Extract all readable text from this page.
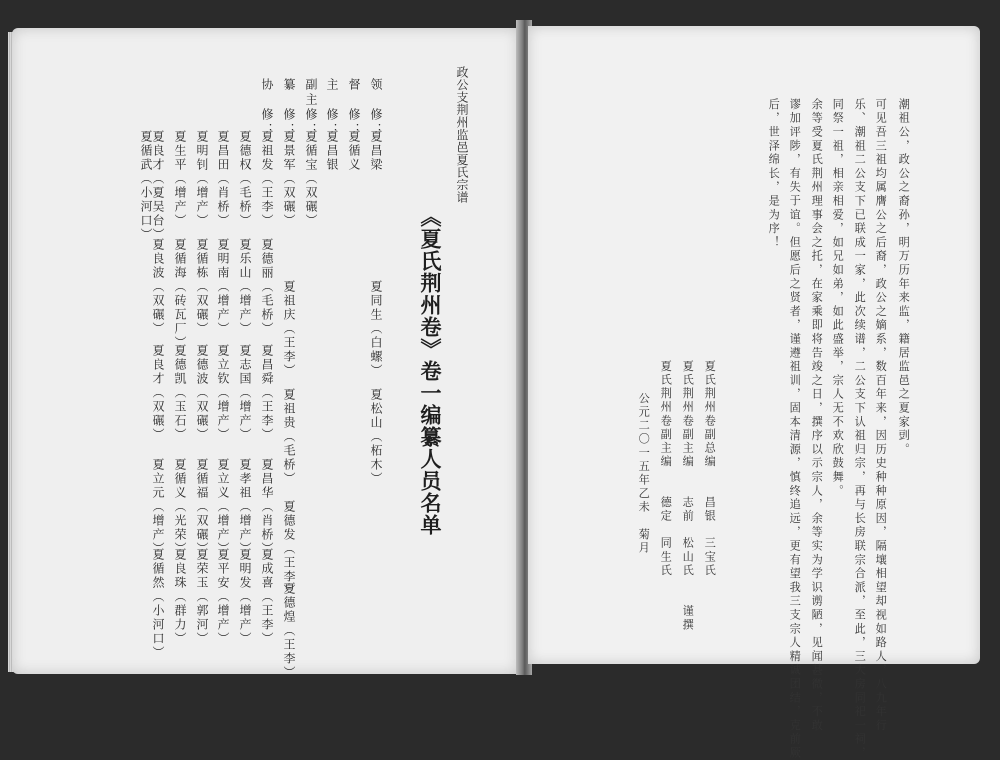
政公支荆州监邑夏氏宗谱
《夏氏荆州卷》卷一编纂人员名单
领　修：
夏昌梁
夏同生（白螺）
夏松山（柘木）
督　修：
夏循义
主　修：
夏昌银
副主修：
夏循宝（双碾）
纂　修：
夏景军（双碾）
夏祖庆（王李）
夏祖贵（毛桥）
夏德发（王李）
夏德煌（王李）
协　修：
夏祖发（王李）
夏德丽（毛桥）
夏昌舜（王李）
夏昌华（肖桥）
夏成喜（王李）
夏德权（毛桥）
夏乐山（增产）
夏志国（增产）
夏孝祖（增产）
夏明发（增产）
夏昌田（肖桥）
夏明南（增产）
夏立钦（增产）
夏立义（增产）
夏平安（增产）
夏明钊（增产）
夏循栋（双碾）
夏德波（双碾）
夏循福（双碾）
夏荣玉（郭河）
夏生平（增产）
夏循海（砖瓦厂）
夏德凯（玉石）
夏循义（光荣）
夏良珠（群力）
夏良才（夏吴台）
夏良波（双碾）
夏良才（双碾）
夏立元（增产）
夏循然（小河口）
夏循武（小河口）	潮祖公，政公之裔孙，明万历年来监，籍居监邑之夏家剅。
可见吾三祖均属膺公之后裔，政公之嫡系，数百年来，因历史种种原因，隔壤相望却视如路人，八九年行
乐、潮祖二公支下已联成一家，此次续谱，二公支下认祖归宗，再与长房联宗合派，至此，三大房同祀一祠，
同祭一祖，相亲相爱，如兄如弟，如此盛举，宗人无不欢欣鼓舞。
余等受夏氏荆州理事会之托，在家乘即将告竣之日，撰序以示宗人，余等实为学识谫陋，见闻甚微，不敢
谬加评陟，有失于谊。但愿后之贤者，谨遵祖训，固本清源，慎终追远，更有望我三支宗人精诚团结，克前厥
后，世泽绵长，是为序！
夏氏荆州卷副总编　　昌银　三宝氏
夏氏荆州卷副主编　　志前　松山氏　　谨撰
夏氏荆州卷副主编　　德定　同生氏
公元二〇一五年乙未　菊月
